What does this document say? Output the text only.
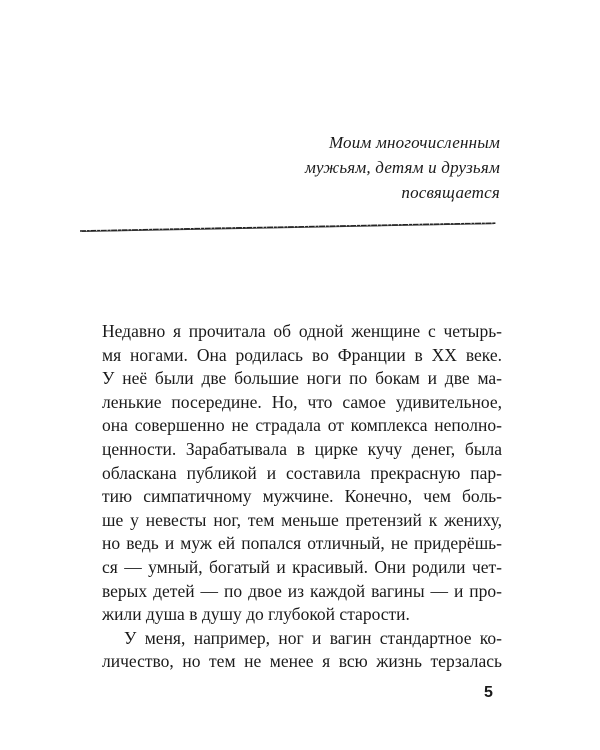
Моим многочисленным
мужьям, детям и друзьям
посвящается
Недавно я прочитала об одной женщине с четырь-
мя ногами. Она родилась во Франции в XX веке.
У неё были две большие ноги по бокам и две ма-
ленькие посередине. Но, что самое удивительное,
она совершенно не страдала от комплекса неполно-
ценности. Зарабатывала в цирке кучу денег, была
обласкана публикой и составила прекрасную пар-
тию симпатичному мужчине. Конечно, чем боль-
ше у невесты ног, тем меньше претензий к жениху,
но ведь и муж ей попался отличный, не придерёшь-
ся — умный, богатый и красивый. Они родили чет-
верых детей — по двое из каждой вагины — и про-
жили душа в душу до глубокой старости.
У меня, например, ног и вагин стандартное ко-
личество, но тем не менее я всю жизнь терзалась
5
